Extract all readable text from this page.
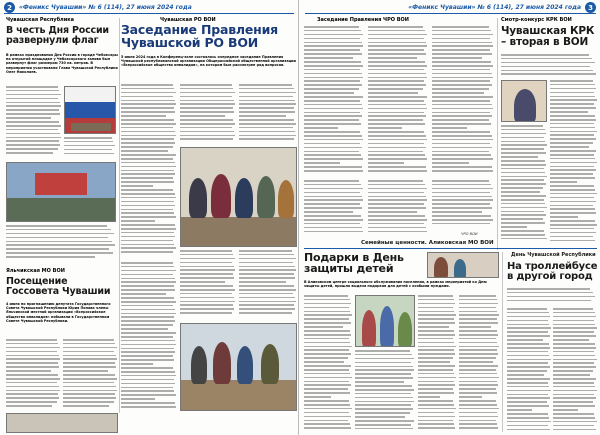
2	«Феникс Чувашии» № 6 (114), 27 июня 2024 года
Чувашская Республика	Чувашская РО ВОИ
В честь Дня России развернули флаг
Заседание Правления Чувашской РО ВОИ
В рамках празднования Дня России в городе Чебоксары на открытой площадке у Чебоксарского залива был развернут флаг размером 730 кв. метров. В мероприятии участвовали Глава Чувашской Республики Олег Николаев.
5 июня 2024 года в Конференц-зале состоялось очередное заседание Правления Чувашской республиканской организации Общероссийской общественной организации «Всероссийское общество инвалидов», на котором был рассмотрен ряд вопросов.
Яльчикская МО ВОИ
Посещение Госсовета Чувашии
4 июня по приглашению депутата Государственного Совета Чувашской Республики Юрия Попова члены Яльчикской местной организации «Всероссийское общество инвалидов» побывали в Государственном Совете Чувашской Республики.
«Феникс Чувашии» № 6 (114), 27 июня 2024 года	3
Заседание Правления ЧРО ВОИ	Смотр-конкурс КРК ВОИ
ЧРО ВОИ
Чувашская КРК – вторая в ВОИ
Семейные ценности. Аликовская МО ВОИ
Подарки в День защиты детей
В Аликовском центре социального обслуживания населения, в рамках мероприятий ко Дню защиты детей, прошла выдача подарков для детей с особыми нуждами.
День Чувашской Республики
На троллейбусе в другой город
